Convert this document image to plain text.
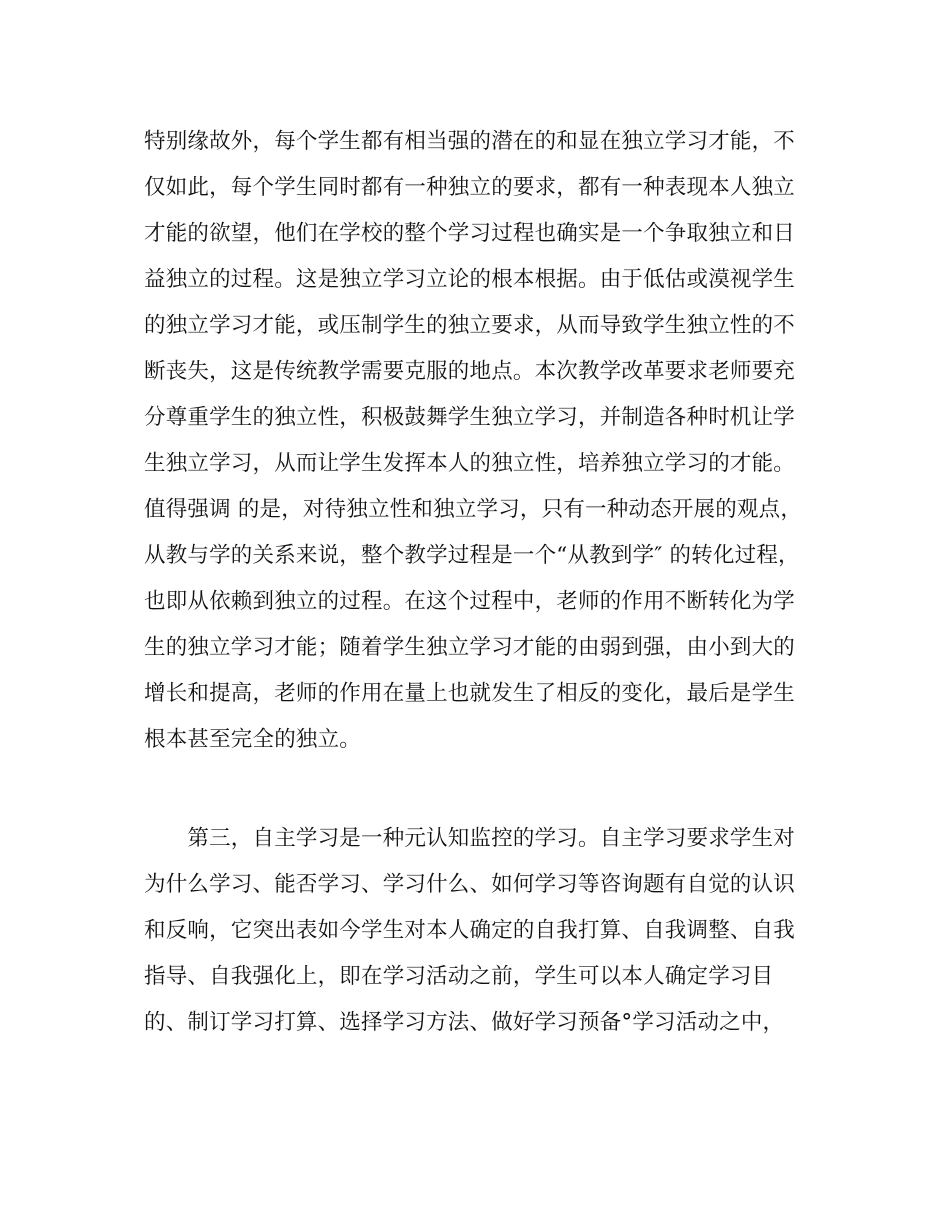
特别缘故外，每个学生都有相当强的潜在的和显在独立学习才能，不
仅如此，每个学生同时都有一种独立的要求，都有一种表现本人独立
才能的欲望，他们在学校的整个学习过程也确实是一个争取独立和日
益独立的过程。这是独立学习立论的根本根据。由于低估或漠视学生
的独立学习才能，或压制学生的独立要求，从而导致学生独立性的不
断丧失，这是传统教学需要克服的地点。本次教学改革要求老师要充
分尊重学生的独立性，积极鼓舞学生独立学习，并制造各种时机让学
生独立学习，从而让学生发挥本人的独立性，培养独立学习的才能。
值得强调 的是，对待独立性和独立学习，只有一种动态开展的观点，
从教与学的关系来说，整个教学过程是一个“从教到学″ 的转化过程，
也即从依赖到独立的过程。在这个过程中，老师的作用不断转化为学
生的独立学习才能；随着学生独立学习才能的由弱到强，由小到大的
增长和提高，老师的作用在量上也就发生了相反的变化，最后是学生
根本甚至完全的独立。
　　第三，自主学习是一种元认知监控的学习。自主学习要求学生对
为什么学习、能否学习、学习什么、如何学习等咨询题有自觉的认识
和反响，它突出表如今学生对本人确定的自我打算、自我调整、自我
指导、自我强化上，即在学习活动之前，学生可以本人确定学习目
的、制订学习打算、选择学习方法、做好学习预备°学习活动之中，
